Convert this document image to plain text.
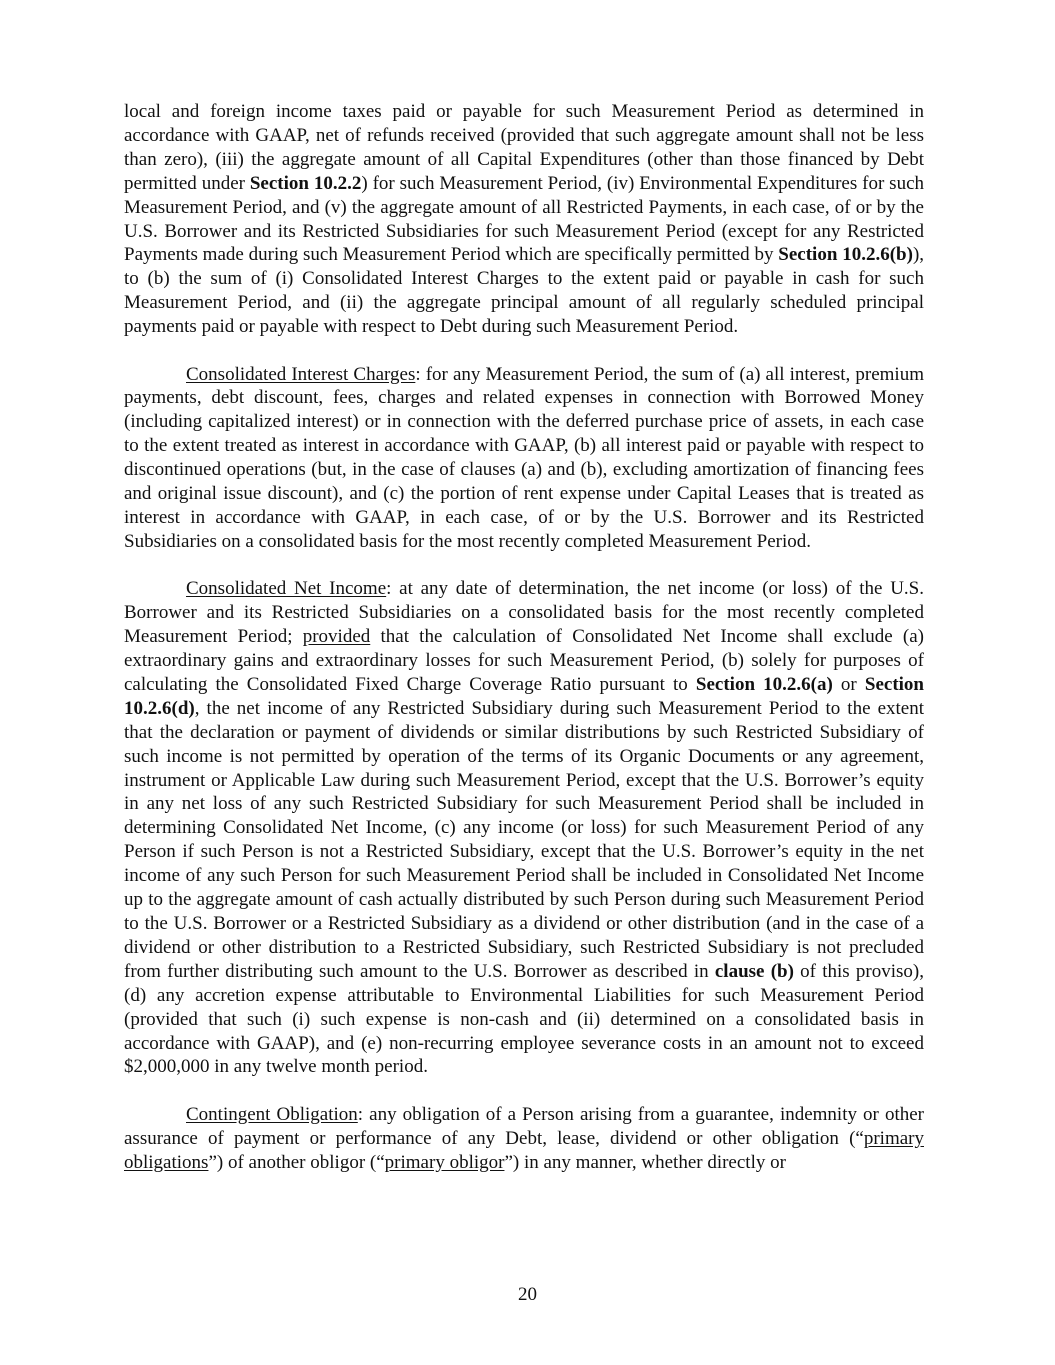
local and foreign income taxes paid or payable for such Measurement Period as determined in accordance with GAAP, net of refunds received (provided that such aggregate amount shall not be less than zero), (iii) the aggregate amount of all Capital Expenditures (other than those financed by Debt permitted under Section 10.2.2) for such Measurement Period, (iv) Environmental Expenditures for such Measurement Period, and (v) the aggregate amount of all Restricted Payments, in each case, of or by the U.S. Borrower and its Restricted Subsidiaries for such Measurement Period (except for any Restricted Payments made during such Measurement Period which are specifically permitted by Section 10.2.6(b)), to (b) the sum of (i) Consolidated Interest Charges to the extent paid or payable in cash for such Measurement Period, and (ii) the aggregate principal amount of all regularly scheduled principal payments paid or payable with respect to Debt during such Measurement Period.

Consolidated Interest Charges: for any Measurement Period, the sum of (a) all interest, premium payments, debt discount, fees, charges and related expenses in connection with Borrowed Money (including capitalized interest) or in connection with the deferred purchase price of assets, in each case to the extent treated as interest in accordance with GAAP, (b) all interest paid or payable with respect to discontinued operations (but, in the case of clauses (a) and (b), excluding amortization of financing fees and original issue discount), and (c) the portion of rent expense under Capital Leases that is treated as interest in accordance with GAAP, in each case, of or by the U.S. Borrower and its Restricted Subsidiaries on a consolidated basis for the most recently completed Measurement Period.

Consolidated Net Income: at any date of determination, the net income (or loss) of the U.S. Borrower and its Restricted Subsidiaries on a consolidated basis for the most recently completed Measurement Period; provided that the calculation of Consolidated Net Income shall exclude (a) extraordinary gains and extraordinary losses for such Measurement Period, (b) solely for purposes of calculating the Consolidated Fixed Charge Coverage Ratio pursuant to Section 10.2.6(a) or Section 10.2.6(d), the net income of any Restricted Subsidiary during such Measurement Period to the extent that the declaration or payment of dividends or similar distributions by such Restricted Subsidiary of such income is not permitted by operation of the terms of its Organic Documents or any agreement, instrument or Applicable Law during such Measurement Period, except that the U.S. Borrower’s equity in any net loss of any such Restricted Subsidiary for such Measurement Period shall be included in determining Consolidated Net Income, (c) any income (or loss) for such Measurement Period of any Person if such Person is not a Restricted Subsidiary, except that the U.S. Borrower’s equity in the net income of any such Person for such Measurement Period shall be included in Consolidated Net Income up to the aggregate amount of cash actually distributed by such Person during such Measurement Period to the U.S. Borrower or a Restricted Subsidiary as a dividend or other distribution (and in the case of a dividend or other distribution to a Restricted Subsidiary, such Restricted Subsidiary is not precluded from further distributing such amount to the U.S. Borrower as described in clause (b) of this proviso), (d) any accretion expense attributable to Environmental Liabilities for such Measurement Period (provided that such (i) such expense is non-cash and (ii) determined on a consolidated basis in accordance with GAAP), and (e) non-recurring employee severance costs in an amount not to exceed $2,000,000 in any twelve month period.

Contingent Obligation: any obligation of a Person arising from a guarantee, indemnity or other assurance of payment or performance of any Debt, lease, dividend or other obligation (“primary obligations”) of another obligor (“primary obligor”) in any manner, whether directly or

20
